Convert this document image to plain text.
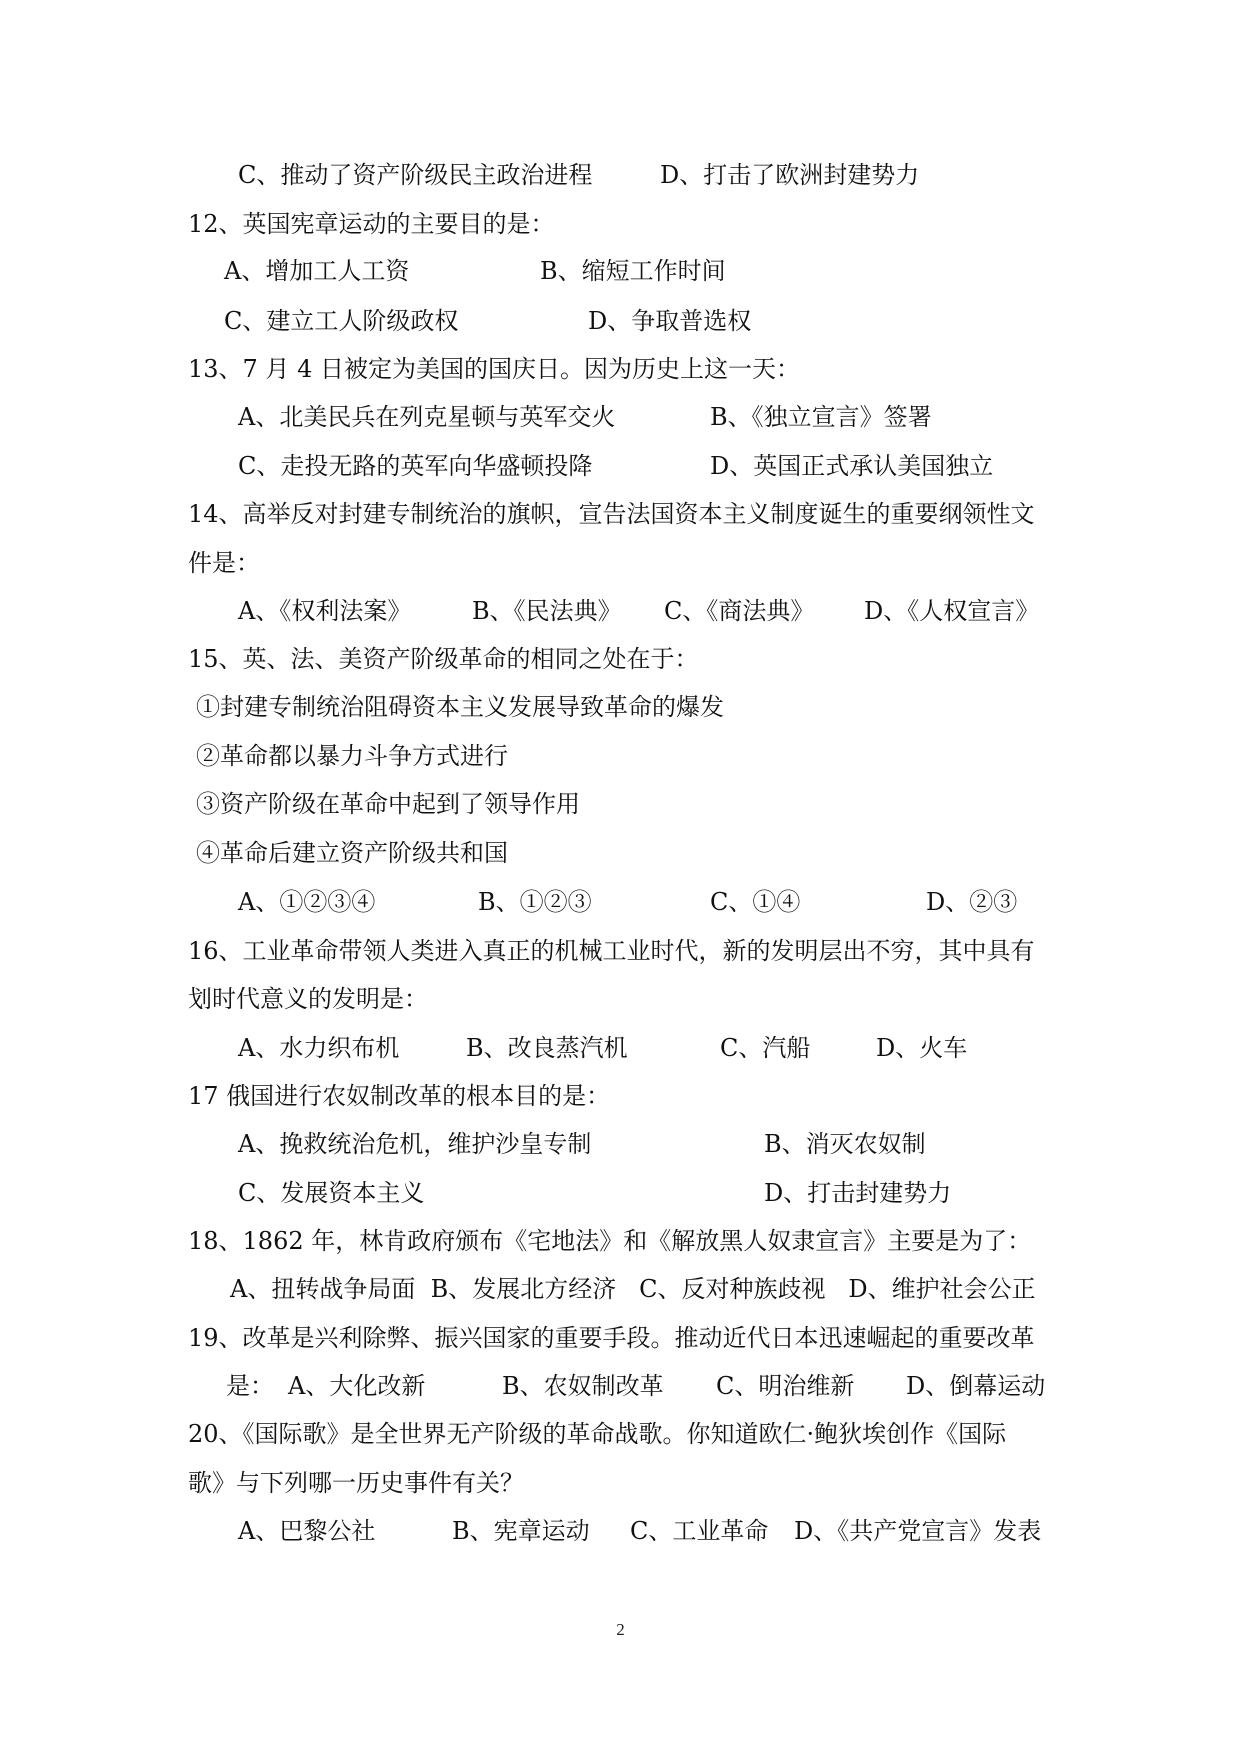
C、推动了资产阶级民主政治进程	D、打击了欧洲封建势力
12、英国宪章运动的主要目的是：
A、增加工人工资	B、缩短工作时间
C、建立工人阶级政权	D、争取普选权
13、7 月 4 日被定为美国的国庆日。因为历史上这一天：
A、北美民兵在列克星顿与英军交火	B、《独立宣言》签署
C、走投无路的英军向华盛顿投降	D、英国正式承认美国独立
14、高举反对封建专制统治的旗帜，宣告法国资本主义制度诞生的重要纲领性文
件是：
A、《权利法案》	B、《民法典》 C、《商法典》 D、《人权宣言》
15、英、法、美资产阶级革命的相同之处在于：
①封建专制统治阻碍资本主义发展导致革命的爆发
②革命都以暴力斗争方式进行
③资产阶级在革命中起到了领导作用
④革命后建立资产阶级共和国
A、①②③④	B、①②③	C、①④	D、②③
16、工业革命带领人类进入真正的机械工业时代，新的发明层出不穷，其中具有
划时代意义的发明是：
A、水力织布机	B、改良蒸汽机	C、汽船	D、火车
17 俄国进行农奴制改革的根本目的是：
A、挽救统治危机，维护沙皇专制	B、消灭农奴制
C、发展资本主义	D、打击封建势力
18、1862 年，林肯政府颁布《宅地法》和《解放黑人奴隶宣言》主要是为了：
A、扭转战争局面  B、发展北方经济   C、反对种族歧视   D、维护社会公正
19、改革是兴利除弊、振兴国家的重要手段。推动近代日本迅速崛起的重要改革
是： A、大化改新	B、农奴制改革 C、明治维新 D、倒幕运动
20、《国际歌》是全世界无产阶级的革命战歌。你知道欧仁·鲍狄埃创作《国际
歌》与下列哪一历史事件有关？
A、巴黎公社	B、宪章运动 C、工业革命 D、《共产党宣言》发表
2
